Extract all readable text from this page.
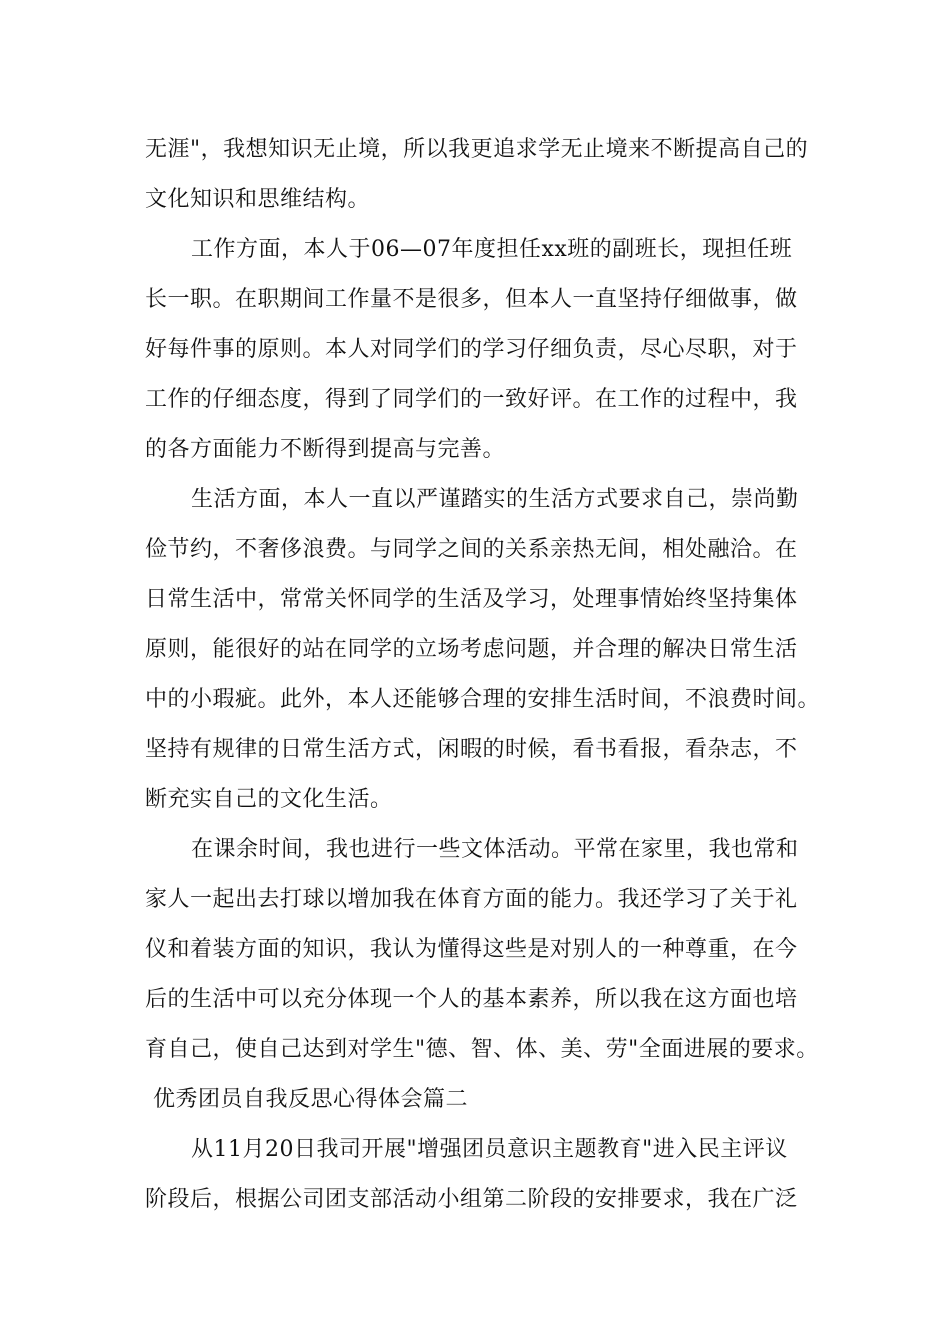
无涯"，我想知识无止境，所以我更追求学无止境来不断提高自己的
文化知识和思维结构。
工作方面，本人于06—07年度担任xx班的副班长，现担任班
长一职。在职期间工作量不是很多，但本人一直坚持仔细做事，做
好每件事的原则。本人对同学们的学习仔细负责，尽心尽职，对于
工作的仔细态度，得到了同学们的一致好评。在工作的过程中，我
的各方面能力不断得到提高与完善。
生活方面，本人一直以严谨踏实的生活方式要求自己，崇尚勤
俭节约，不奢侈浪费。与同学之间的关系亲热无间，相处融洽。在
日常生活中，常常关怀同学的生活及学习，处理事情始终坚持集体
原则，能很好的站在同学的立场考虑问题，并合理的解决日常生活
中的小瑕疵。此外，本人还能够合理的安排生活时间，不浪费时间。
坚持有规律的日常生活方式，闲暇的时候，看书看报，看杂志，不
断充实自己的文化生活。
在课余时间，我也进行一些文体活动。平常在家里，我也常和
家人一起出去打球以增加我在体育方面的能力。我还学习了关于礼
仪和着装方面的知识，我认为懂得这些是对别人的一种尊重，在今
后的生活中可以充分体现一个人的基本素养，所以我在这方面也培
育自己，使自己达到对学生"德、智、体、美、劳"全面进展的要求。
优秀团员自我反思心得体会篇二
从11月20日我司开展"增强团员意识主题教育"进入民主评议
阶段后，根据公司团支部活动小组第二阶段的安排要求，我在广泛
